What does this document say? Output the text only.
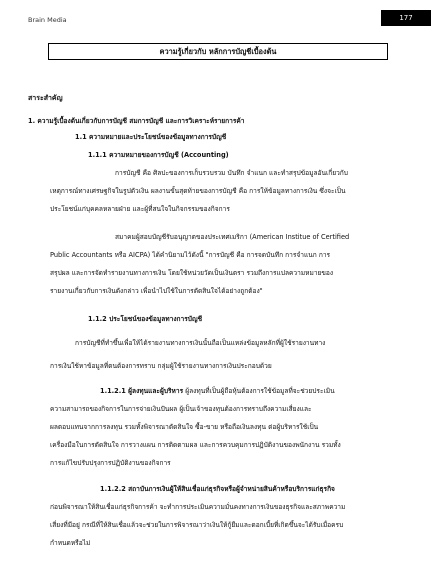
Brain Media	177
ความรู้เกี่ยวกับ หลักการบัญชีเบื้องต้น
สาระสำคัญ
1. ความรู้เบื้องต้นเกี่ยวกับการบัญชี สมการบัญชี และการวิเคราะห์รายการค้า
1.1 ความหมายและประโยชน์ของข้อมูลทางการบัญชี
1.1.1 ความหมายของการบัญชี (Accounting)
การบัญชี คือ ศิลปะของการเก็บรวบรวม บันทึก จำแนก และทำสรุปข้อมูลอันเกี่ยวกับ
เหตุการณ์ทางเศรษฐกิจในรูปตัวเงิน ผลงานขั้นสุดท้ายของการบัญชี คือ การให้ข้อมูลทางการเงิน ซึ่งจะเป็น
ประโยชน์แก่บุคคลหลายฝ่าย และผู้ที่สนใจในกิจกรรมของกิจการ
สมาคมผู้สอบบัญชีรับอนุญาตของประเทศเมริกา (American Institue of Certified
Public Accountants หรือ AICPA) ได้คำนิยามไว้ดังนี้ "การบัญชี คือ การจดบันทึก การจำแนก การ
สรุปผล และการจัดทำรายงานทางการเงิน โดยใช้หน่วยวัดเป็นเงินตรา รวมถึงการแปลความหมายของ
รายงานเกี่ยวกับการเงินดังกล่าว เพื่อนำไปใช้ในการตัดสินใจได้อย่างถูกต้อง"
1.1.2 ประโยชน์ของข้อมูลทางการบัญชี
การบัญชีที่ทำขึ้นเพื่อให้ได้รายงานทางการเงินนั้นถือเป็นแหล่งข้อมูลหลักที่ผู้ใช้รายงานทาง
การเงินใช้หาข้อมูลที่ตนต้องการทราบ กลุ่มผู้ใช้รายงานทางการเงินประกอบด้วย
1.1.2.1 ผู้ลงทุนและผู้บริหาร ผู้ลงทุนที่เป็นผู้ถือหุ้นต้องการใช้ข้อมูลที่จะช่วยประเมิน
ความสามารถของกิจการในการจ่ายเงินปันผล ผู้เป็นเจ้าของทุนต้องการทราบถึงความเสี่ยงและ
ผลตอบแทนจากการลงทุน รวมทั้งพิจารณาตัดสินใจ ซื้อ-ขาย หรือถือเงินลงทุน ต่อผู้บริหารใช้เป็น
เครื่องมือในการตัดสินใจ การวางแผน การติดตามผล และการควบคุมการปฏิบัติงานของพนักงาน รวมทั้ง
การแก้ไขปรับปรุงการปฏิบัติงานของกิจการ
1.1.2.2 สถาบันการเงินผู้ให้สินเชื่อแก่ธุรกิจหรือผู้จำหน่ายสินค้าหรือบริการแก่ธุรกิจ
ก่อนพิจารณาให้สินเชื่อแก่ธุรกิจการค้า จะทำการประเมินความมั่นคงทางการเงินของธุรกิจและสภาพความ
เสี่ยงที่มีอยู่ กรณีที่ให้สินเชื่อแล้วจะช่วยในการพิจารณาว่าเงินให้กู้ยืมและดอกเบี้ยที่เกิดขึ้นจะได้รับเมื่อครบ
กำหนดหรือไม่
